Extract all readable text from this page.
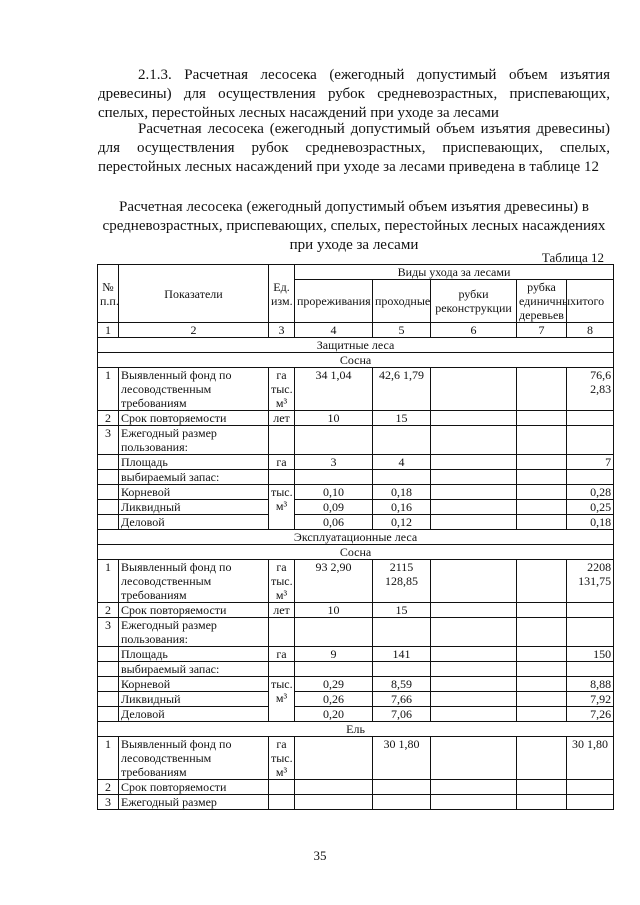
2.1.3. Расчетная лесосека (ежегодный допустимый объем изъятия древесины) для осуществления рубок средневозрастных, приспевающих, спелых, перестойных лесных насаждений при уходе за лесами

Расчетная лесосека (ежегодный допустимый объем изъятия древесины) для осуществления рубок средневозрастных, приспевающих, спелых, перестойных лесных насаждений при уходе за лесами приведена в таблице 12

Расчетная лесосека (ежегодный допустимый объем изъятия древесины) в средневозрастных, приспевающих, спелых, перестойных лесных насаждениях при уходе за лесами

Таблица 12
№ п.п.	Показатели	Ед. изм.	Виды ухода за лесами				
			прореживания	проходные	рубки реконструкции	рубка единичных деревьев	итого
1	2	3	4	5	6	7	8
Защитные леса							
Сосна							
1	Выявленный фонд по лесоводственным требованиям	га тыс. м³	34 1,04	42,6 1,79			76,6 2,83
2	Срок повторяемости	лет	10	15			
3	Ежегодный размер пользования:						
	Площадь	га	3	4			7
	выбираемый запас:						
	Корневой	тыс. м³	0,10	0,18			0,28
	Ликвидный		0,09	0,16			0,25
	Деловой		0,06	0,12			0,18
Эксплуатационные леса							
Сосна							
1	Выявленный фонд по лесоводственным требованиям	га тыс. м³	93 2,90	2115 128,85			2208 131,75
2	Срок повторяемости	лет	10	15			
3	Ежегодный размер пользования:						
	Площадь	га	9	141			150
	выбираемый запас:						
	Корневой	тыс. м³	0,29	8,59			8,88
	Ликвидный		0,26	7,66			7,92
	Деловой		0,20	7,06			7,26
Ель							
1	Выявленный фонд по лесоводственным требованиям	га тыс. м³		30 1,80			30 1,80
2	Срок повторяемости						
3	Ежегодный размер						
35
